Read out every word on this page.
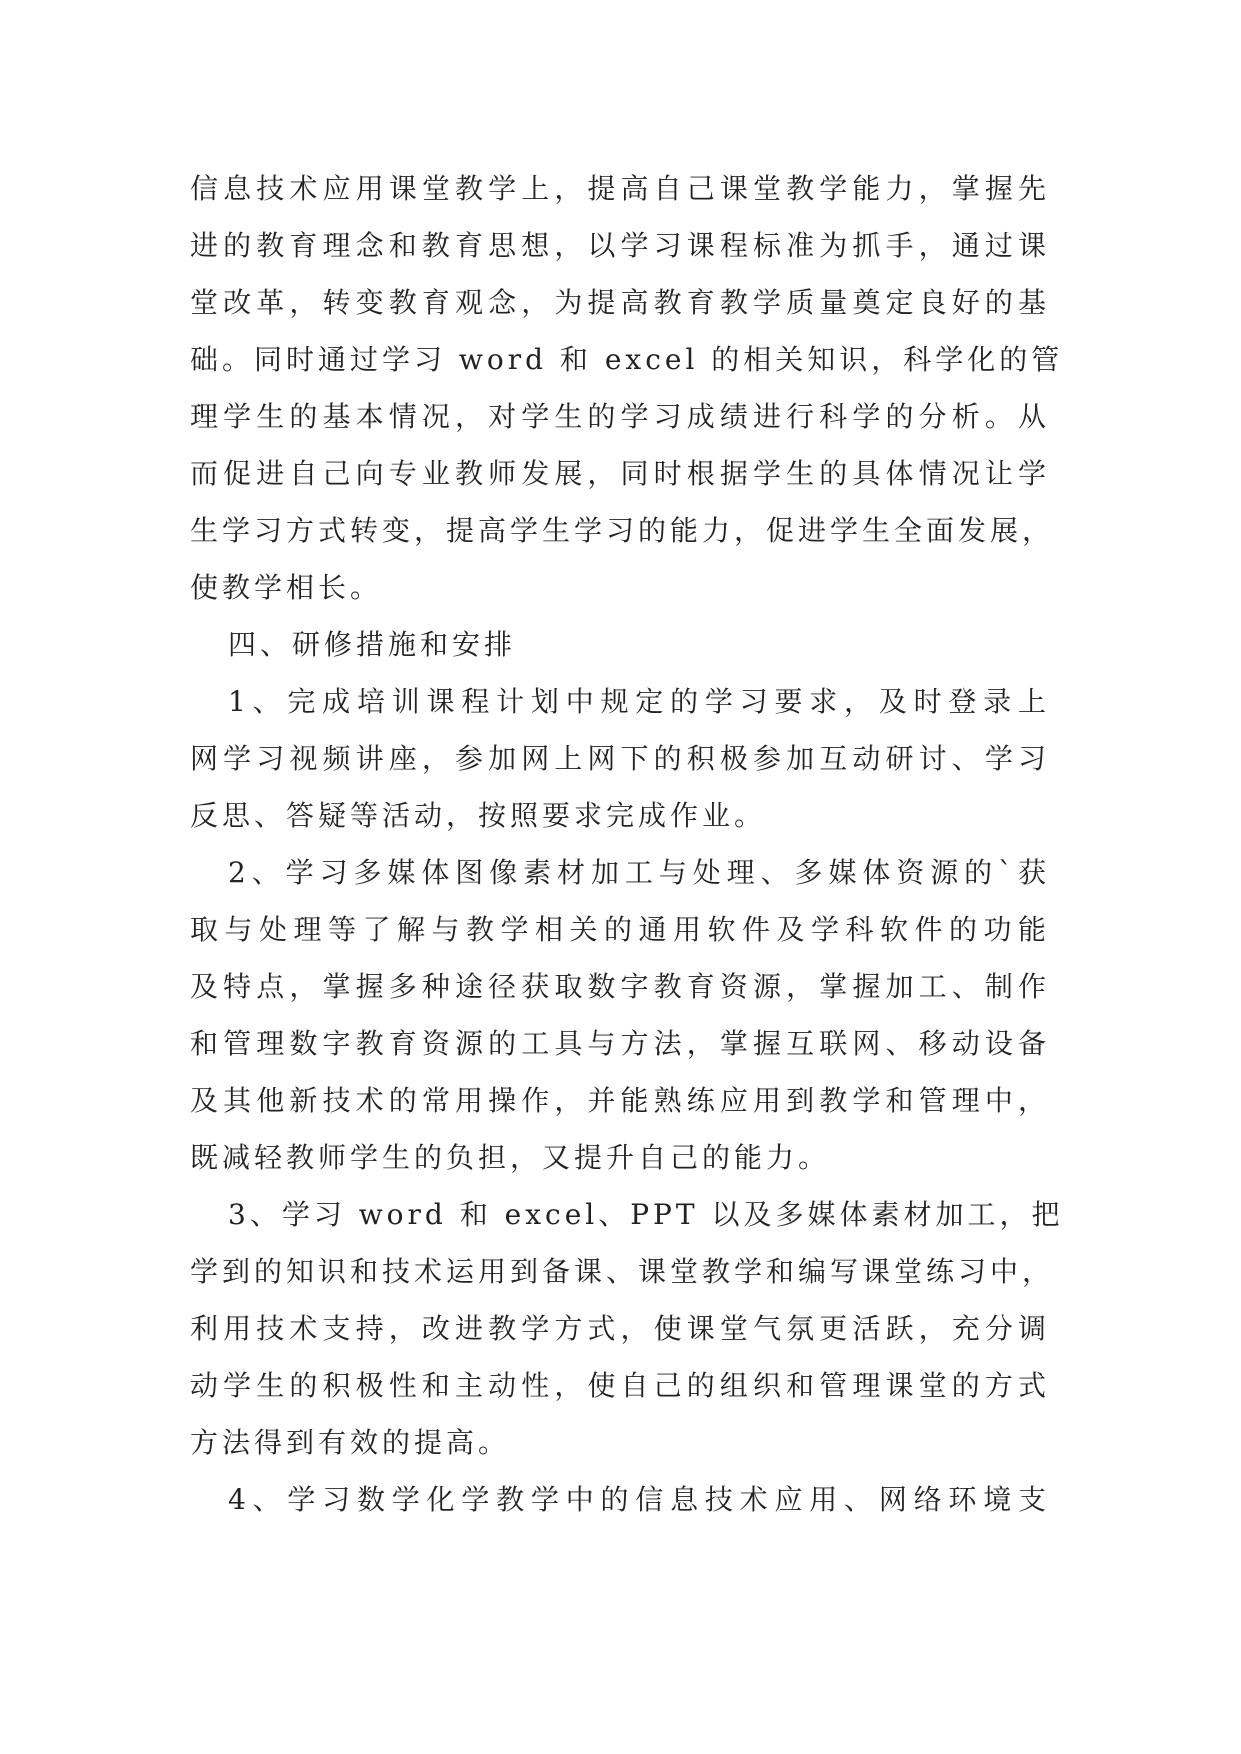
信息技术应用课堂教学上，提高自己课堂教学能力，掌握先
进的教育理念和教育思想，以学习课程标准为抓手，通过课
堂改革，转变教育观念，为提高教育教学质量奠定良好的基
础。同时通过学习 word 和 excel 的相关知识，科学化的管
理学生的基本情况，对学生的学习成绩进行科学的分析。从
而促进自己向专业教师发展，同时根据学生的具体情况让学
生学习方式转变，提高学生学习的能力，促进学生全面发展，
使教学相长。
四、研修措施和安排
1、完成培训课程计划中规定的学习要求，及时登录上
网学习视频讲座，参加网上网下的积极参加互动研讨、学习
反思、答疑等活动，按照要求完成作业。
2、学习多媒体图像素材加工与处理、多媒体资源的`获
取与处理等了解与教学相关的通用软件及学科软件的功能
及特点，掌握多种途径获取数字教育资源，掌握加工、制作
和管理数字教育资源的工具与方法，掌握互联网、移动设备
及其他新技术的常用操作，并能熟练应用到教学和管理中，
既减轻教师学生的负担，又提升自己的能力。
3、学习 word 和 excel、PPT 以及多媒体素材加工，把
学到的知识和技术运用到备课、课堂教学和编写课堂练习中，
利用技术支持，改进教学方式，使课堂气氛更活跃，充分调
动学生的积极性和主动性，使自己的组织和管理课堂的方式
方法得到有效的提高。
4、学习数学化学教学中的信息技术应用、网络环境支
